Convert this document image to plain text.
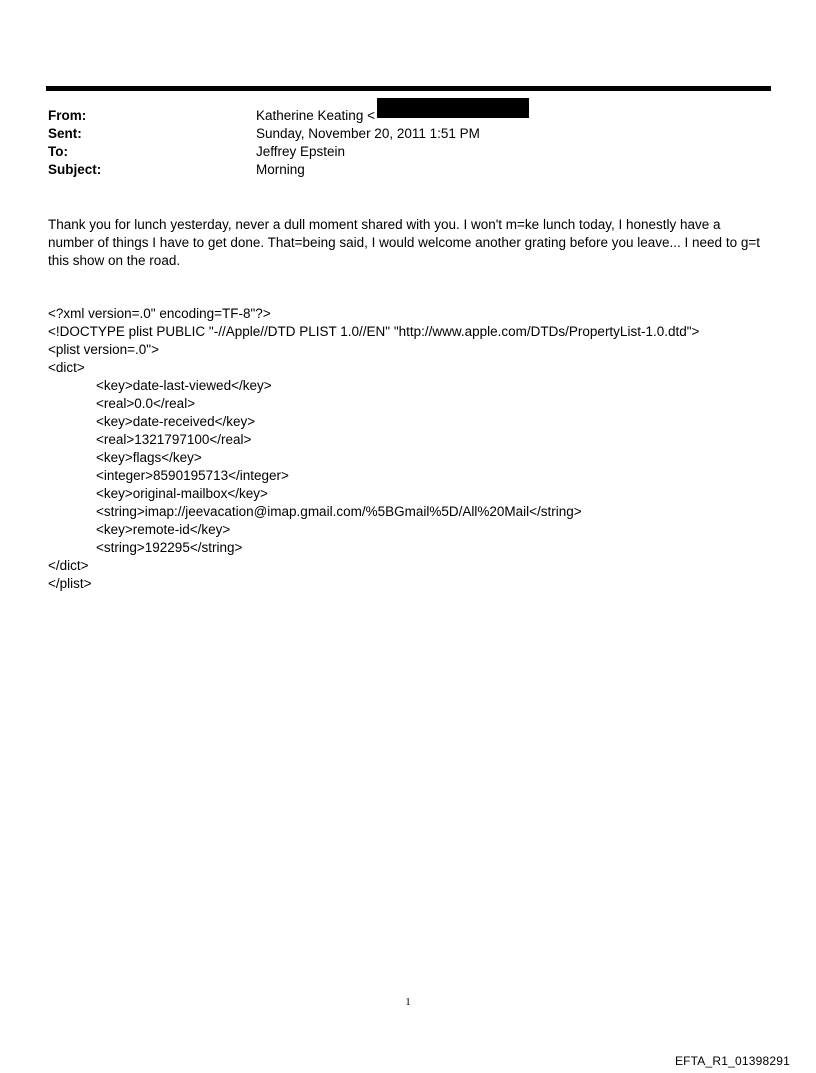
From:	Katherine Keating <
Sent:	Sunday, November 20, 2011 1:51 PM
To:	Jeffrey Epstein
Subject:	Morning
Thank you for lunch yesterday, never a dull moment shared with you. I won't m=ke lunch today, I honestly have a number of things I have to get done. That=being said, I would welcome another grating before you leave... I need to g=t this show on the road.
<?xml version=.0" encoding=TF-8"?>
<!DOCTYPE plist PUBLIC "-//Apple//DTD PLIST 1.0//EN" "http://www.apple.com/DTDs/PropertyList-1.0.dtd">
<plist version=.0">
<dict>
<key>date-last-viewed</key>
<real>0.0</real>
<key>date-received</key>
<real>1321797100</real>
<key>flags</key>
<integer>8590195713</integer>
<key>original-mailbox</key>
<string>imap://jeevacation@imap.gmail.com/%5BGmail%5D/All%20Mail</string>
<key>remote-id</key>
<string>192295</string>
</dict>
</plist>
1
EFTA_R1_01398291
